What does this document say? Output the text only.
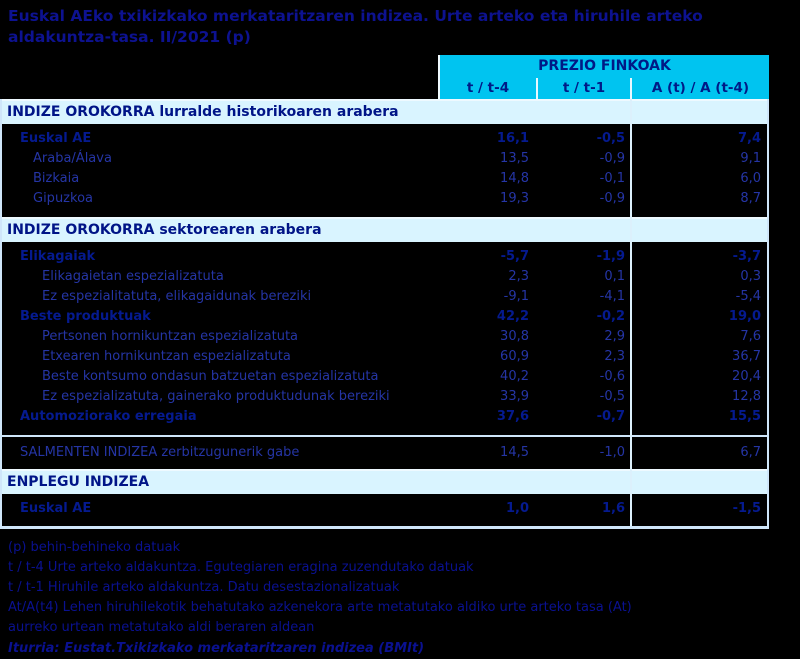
Euskal AEko txikizkako merkataritzaren indizea. Urte arteko eta hiruhile arteko aldakuntza-tasa. II/2021 (p)
PREZIO FINKOAK
t / t-4	t / t-1	A (t) / A (t-4)
INDIZE OROKORRA lurralde historikoaren arabera
Euskal AE	16,1	-0,5	7,4
Araba/Álava	13,5	-0,9	9,1
Bizkaia	14,8	-0,1	6,0
Gipuzkoa	19,3	-0,9	8,7
INDIZE OROKORRA sektorearen arabera
Elikagaiak	-5,7	-1,9	-3,7
Elikagaietan espezializatuta	2,3	0,1	0,3
Ez espezialitatuta, elikagaidunak bereziki	-9,1	-4,1	-5,4
Beste produktuak	42,2	-0,2	19,0
Pertsonen hornikuntzan espezializatuta	30,8	2,9	7,6
Etxearen hornikuntzan espezializatuta	60,9	2,3	36,7
Beste kontsumo ondasun batzuetan espezializatuta	40,2	-0,6	20,4
Ez espezializatuta, gainerako produktudunak bereziki	33,9	-0,5	12,8
Automoziorako erregaia	37,6	-0,7	15,5
SALMENTEN INDIZEA zerbitzugunerik gabe	14,5	-1,0	6,7
ENPLEGU INDIZEA
Euskal AE	1,0	1,6	-1,5
(p) behin-behineko datuak
t / t-4 Urte arteko aldakuntza. Egutegiaren eragina zuzendutako datuak
t / t-1 Hiruhile arteko aldakuntza. Datu desestazionalizatuak
At/A(t4) Lehen hiruhilekotik behatutako azkenekora arte metatutako aldiko urte arteko tasa (At)
aurreko urtean metatutako aldi beraren aldean
Iturria: Eustat.Txikizkako merkataritzaren indizea (BMIt)
